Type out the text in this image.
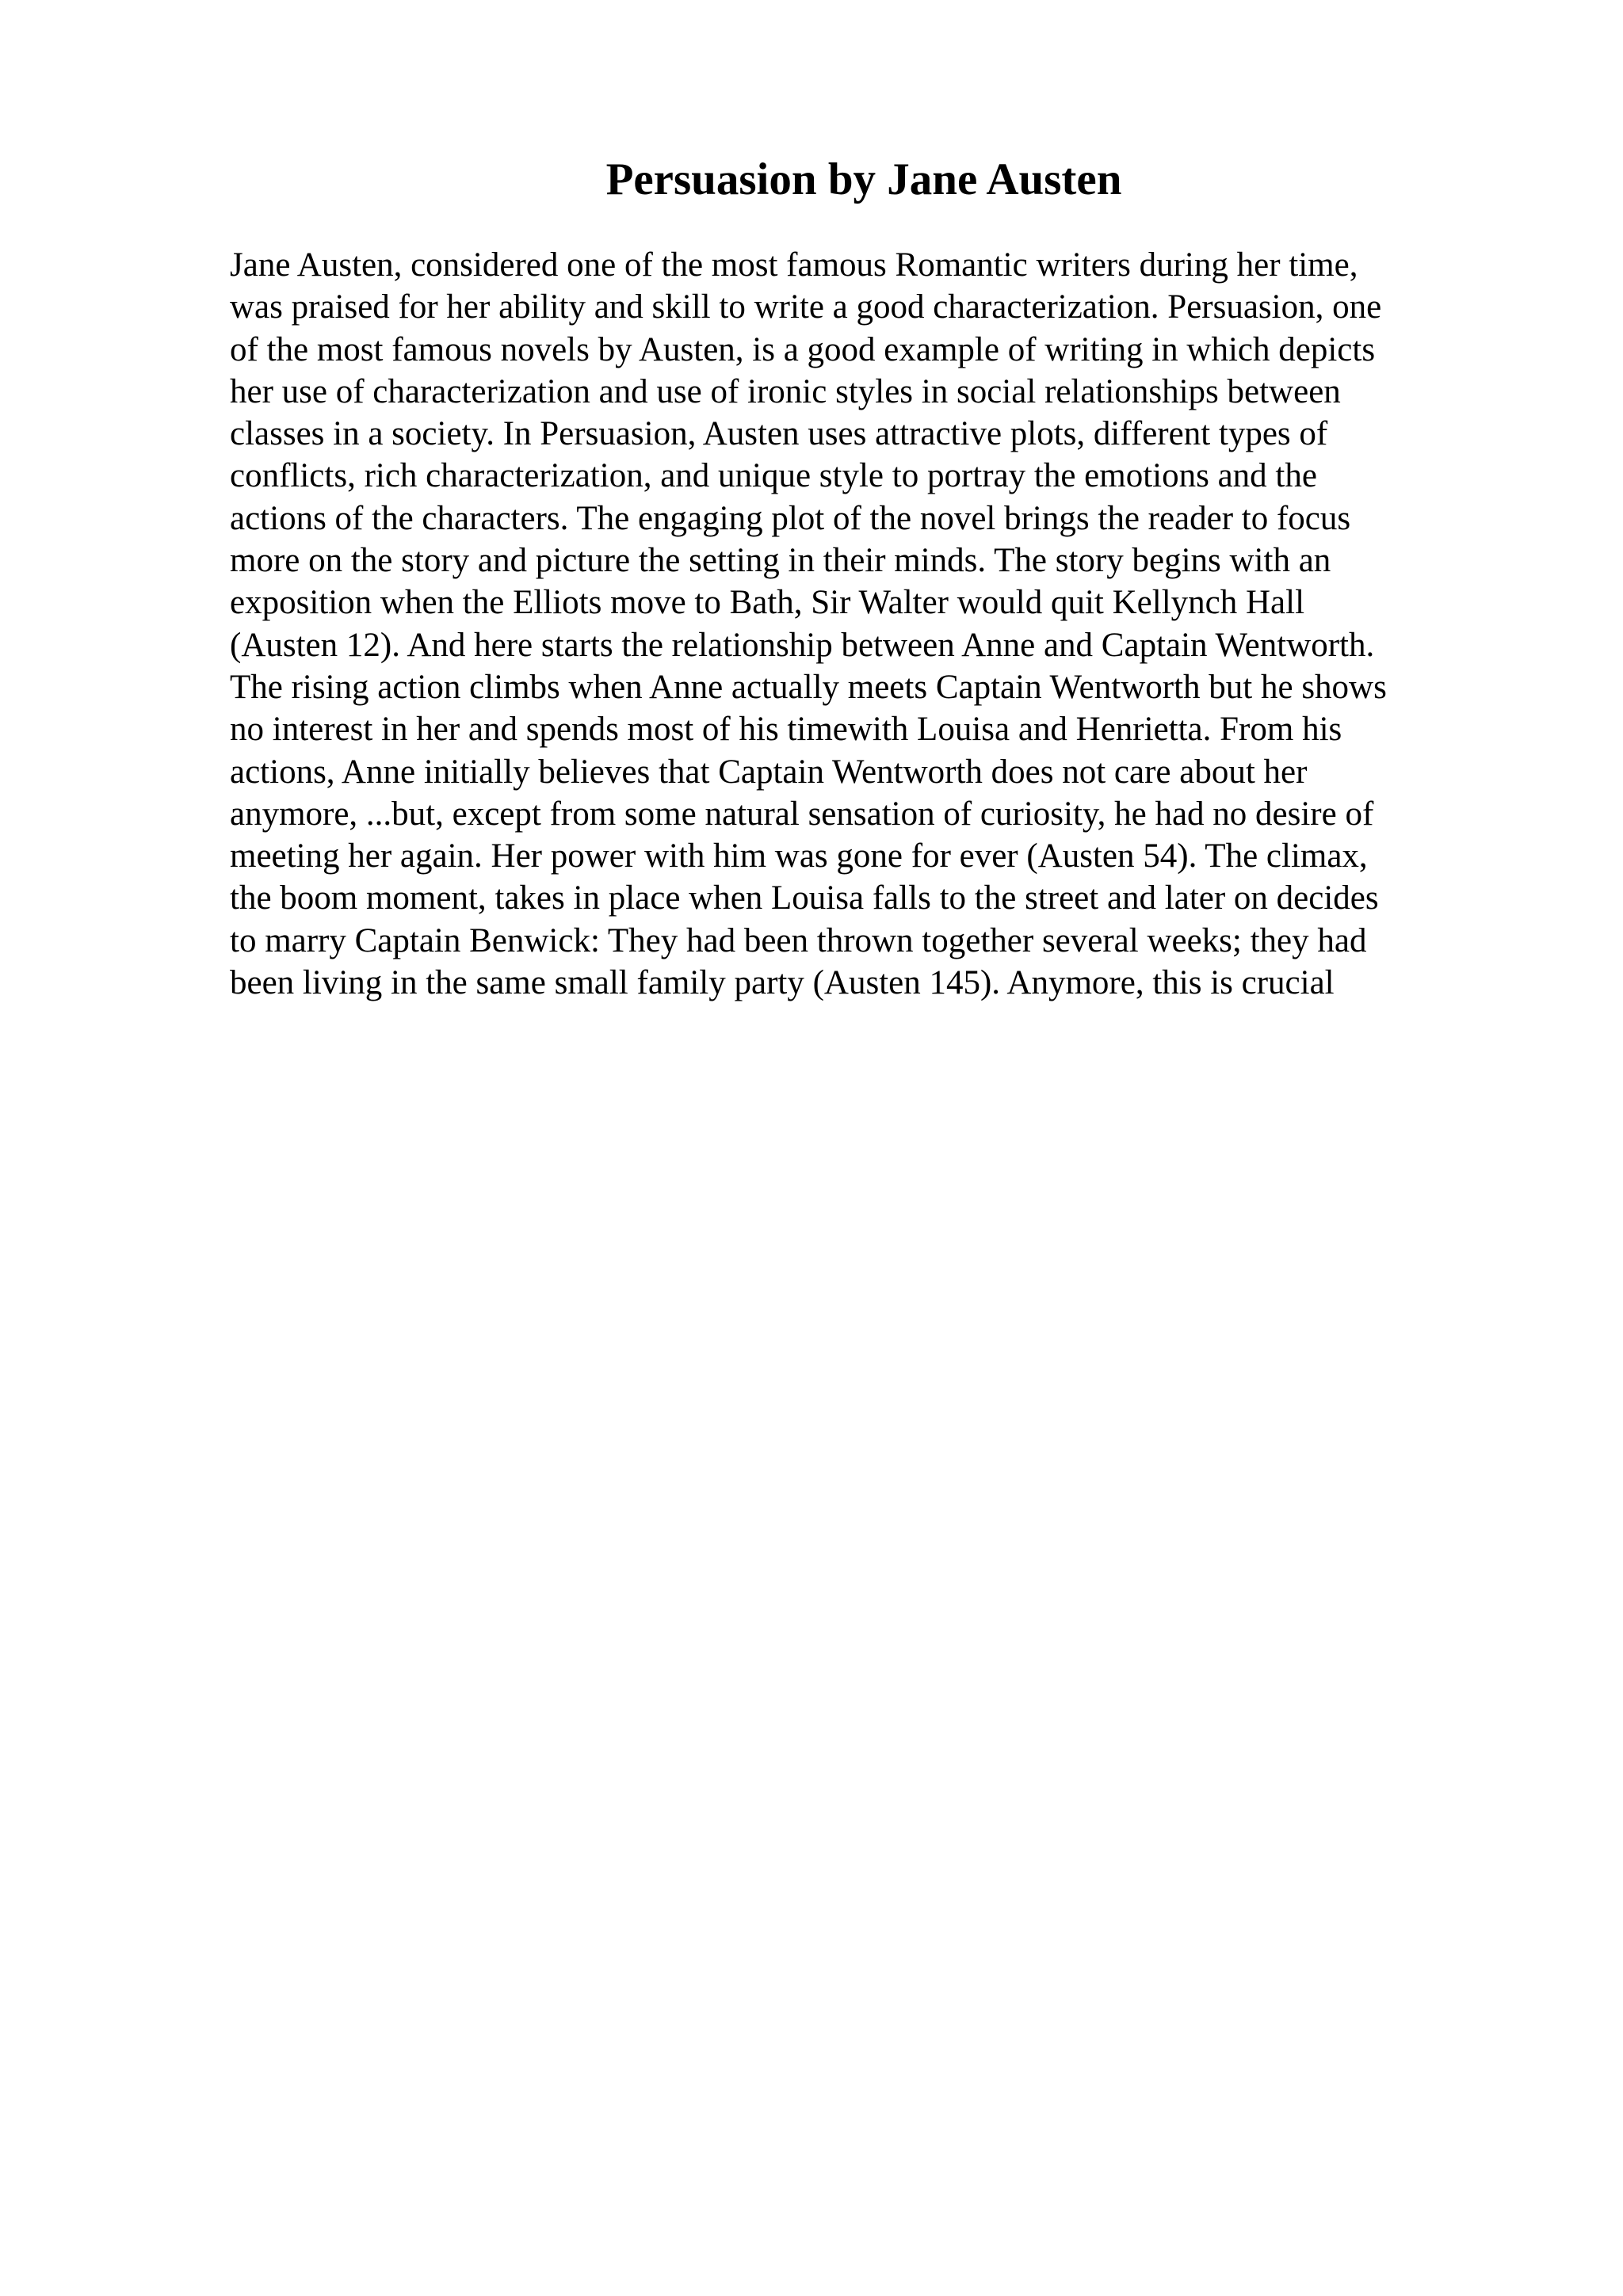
Persuasion by Jane Austen
Jane Austen, considered one of the most famous Romantic writers during her time,
was praised for her ability and skill to write a good characterization. Persuasion, one
of the most famous novels by Austen, is a good example of writing in which depicts
her use of characterization and use of ironic styles in social relationships between
classes in a society. In Persuasion, Austen uses attractive plots, different types of
conflicts, rich characterization, and unique style to portray the emotions and the
actions of the characters. The engaging plot of the novel brings the reader to focus
more on the story and picture the setting in their minds. The story begins with an
exposition when the Elliots move to Bath, Sir Walter would quit Kellynch Hall
(Austen 12). And here starts the relationship between Anne and Captain Wentworth.
The rising action climbs when Anne actually meets Captain Wentworth but he shows
no interest in her and spends most of his timewith Louisa and Henrietta. From his
actions, Anne initially believes that Captain Wentworth does not care about her
anymore, ...but, except from some natural sensation of curiosity, he had no desire of
meeting her again. Her power with him was gone for ever (Austen 54). The climax,
the boom moment, takes in place when Louisa falls to the street and later on decides
to marry Captain Benwick: They had been thrown together several weeks; they had
been living in the same small family party (Austen 145). Anymore, this is crucial
